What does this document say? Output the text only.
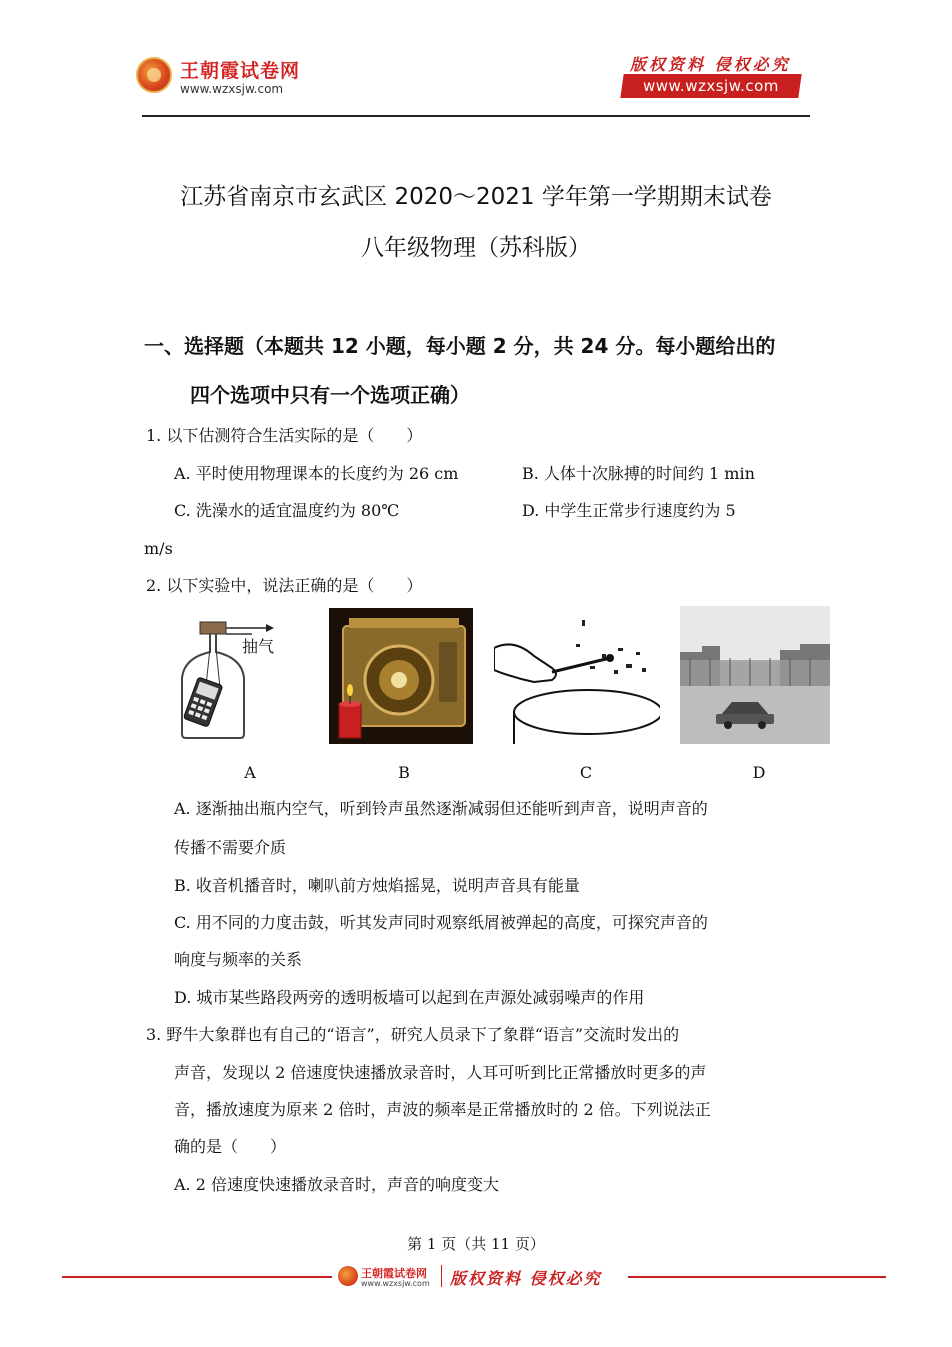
王朝霞试卷网
www.wzxsjw.com
版权资料 侵权必究
www.wzxsjw.com
江苏省南京市玄武区 2020～2021 学年第一学期期末试卷
八年级物理（苏科版）
一、选择题（本题共 12 小题，每小题 2 分，共 24 分。每小题给出的
四个选项中只有一个选项正确）
1. 以下估测符合生活实际的是（　　）
A. 平时使用物理课本的长度约为 26 cm	B. 人体十次脉搏的时间约 1 min
C. 洗澡水的适宜温度约为 80℃	D. 中学生正常步行速度约为 5
m/s
2. 以下实验中，说法正确的是（　　）
抽气
A	B	C	D
A. 逐渐抽出瓶内空气，听到铃声虽然逐渐减弱但还能听到声音，说明声音的
传播不需要介质
B. 收音机播音时，喇叭前方烛焰摇晃，说明声音具有能量
C. 用不同的力度击鼓，听其发声同时观察纸屑被弹起的高度，可探究声音的
响度与频率的关系
D. 城市某些路段两旁的透明板墙可以起到在声源处减弱噪声的作用
3. 野牛大象群也有自己的“语言”，研究人员录下了象群“语言”交流时发出的
声音，发现以 2 倍速度快速播放录音时，人耳可听到比正常播放时更多的声
音，播放速度为原来 2 倍时，声波的频率是正常播放时的 2 倍。下列说法正
确的是（　　）
A. 2 倍速度快速播放录音时，声音的响度变大
第 1 页（共 11 页）
王朝霞试卷网
www.wzxsjw.com 版权资料 侵权必究
